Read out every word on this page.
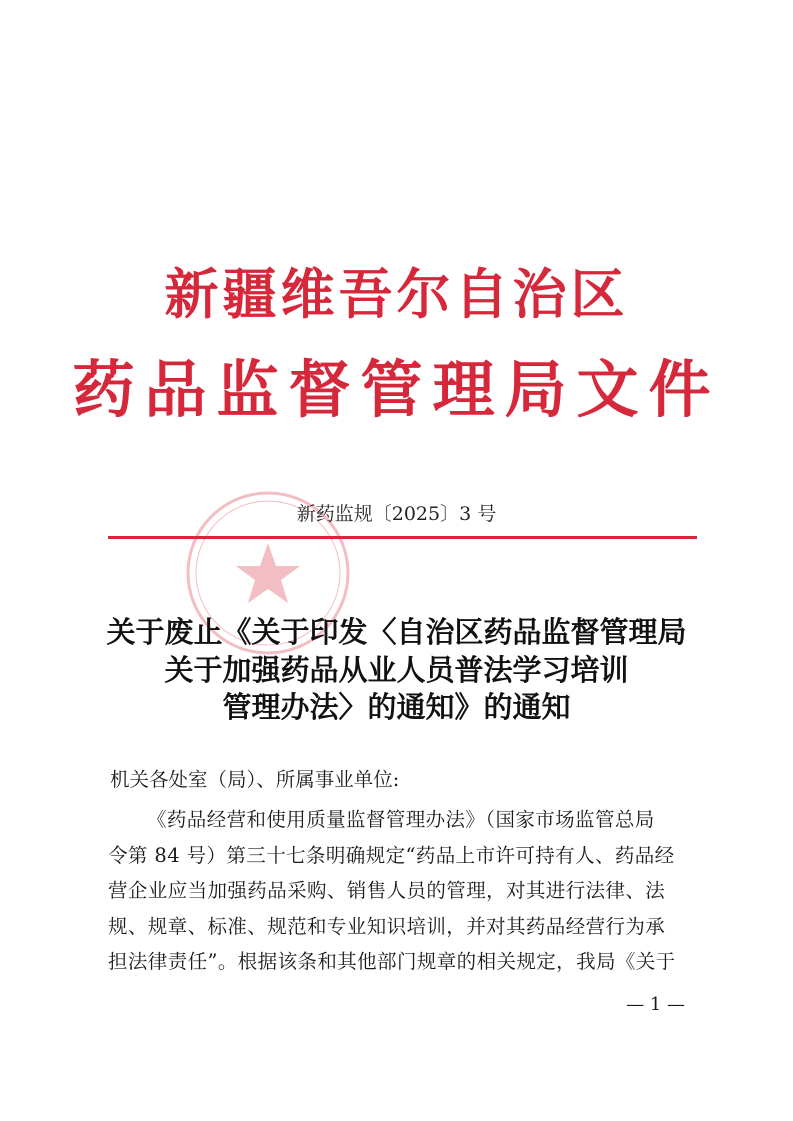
新疆维吾尔自治区
药品监督管理局文件
新药监规〔2025〕3 号
关于废止《关于印发〈自治区药品监督管理局
关于加强药品从业人员普法学习培训
管理办法〉的通知》的通知
机关各处室（局）、所属事业单位:
《药品经营和使用质量监督管理办法》（国家市场监管总局
令第 84 号）第三十七条明确规定“药品上市许可持有人、药品经
营企业应当加强药品采购、销售人员的管理，对其进行法律、法
规、规章、标准、规范和专业知识培训，并对其药品经营行为承
担法律责任”。根据该条和其他部门规章的相关规定，我局《关于
— 1 —
